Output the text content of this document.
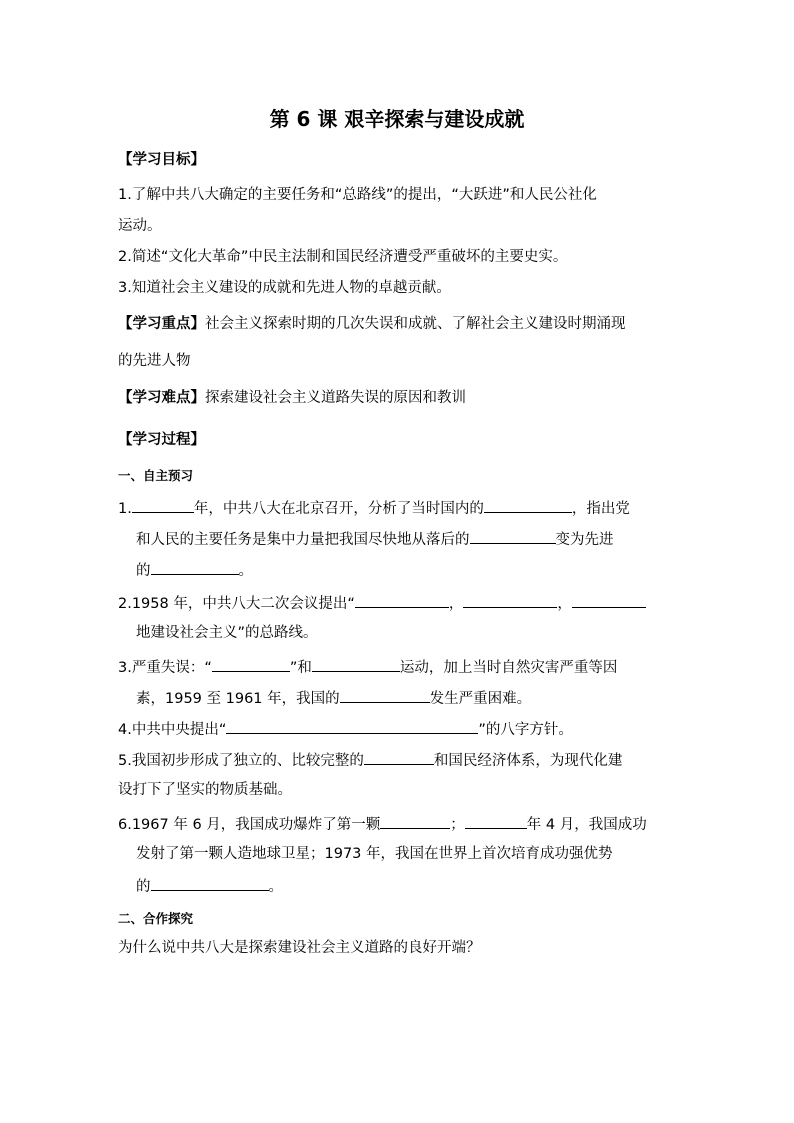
第 6 课 艰辛探索与建设成就
【学习目标】
1.了解中共八大确定的主要任务和“总路线”的提出，“大跃进”和人民公社化
运动。
2.简述“文化大革命”中民主法制和国民经济遭受严重破坏的主要史实。
3.知道社会主义建设的成就和先进人物的卓越贡献。
【学习重点】社会主义探索时期的几次失误和成就、了解社会主义建设时期涌现
的先进人物
【学习难点】探索建设社会主义道路失误的原因和教训
【学习过程】
一、自主预习
1.	年，中共八大在北京召开，分析了当时国内的	，指出党
和人民的主要任务是集中力量把我国尽快地从落后的	变为先进
的	。
2.1958 年，中共八大二次会议提出“	，	，
地建设社会主义”的总路线。
3.严重失误：“	”和	运动，加上当时自然灾害严重等因
素，1959 至 1961 年，我国的	发生严重困难。
4.中共中央提出“	”的八字方针。
5.我国初步形成了独立的、比较完整的	和国民经济体系，为现代化建
设打下了坚实的物质基础。
6.1967 年 6 月，我国成功爆炸了第一颗	；	年 4 月，我国成功
发射了第一颗人造地球卫星；1973 年，我国在世界上首次培育成功强优势
的	。
二、合作探究
为什么说中共八大是探索建设社会主义道路的良好开端？
